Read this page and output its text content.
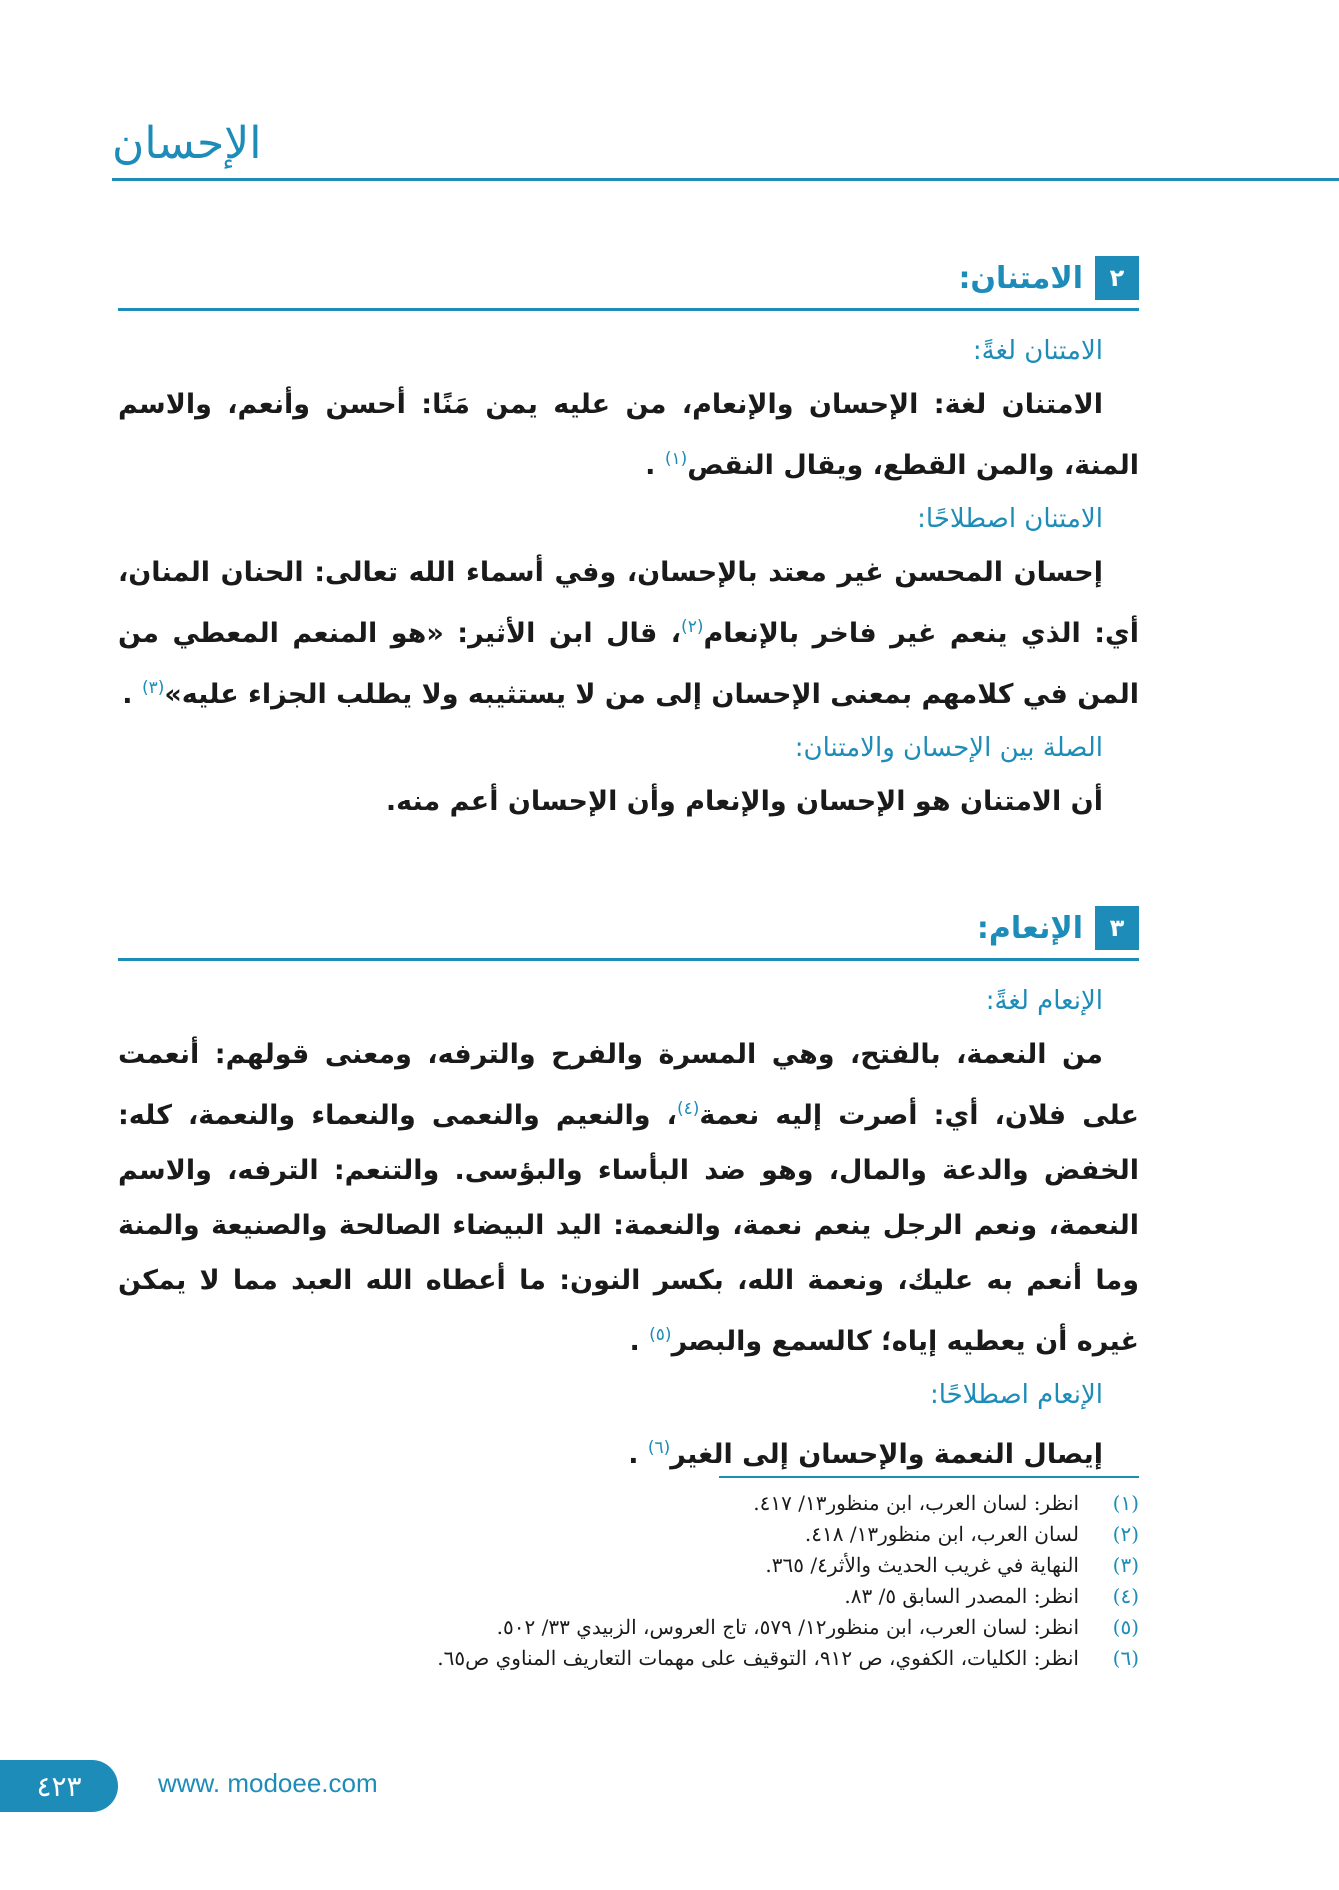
الإحسان
٢
الامتنان:
الامتنان لغةً:

الامتنان لغة: الإحسان والإنعام، من عليه يمن مَنًا: أحسن وأنعم، والاسم المنة، والمن القطع، ويقال النقص$^{(١)}$ .

الامتنان اصطلاحًا:

إحسان المحسن غير معتد بالإحسان، وفي أسماء الله تعالى: الحنان المنان، أي: الذي ينعم غير فاخر بالإنعام$^{(٢)}$، قال ابن الأثير: «هو المنعم المعطي من المن في كلامهم بمعنى الإحسان إلى من لا يستثيبه ولا يطلب الجزاء عليه»$^{(٣)}$ .

الصلة بين الإحسان والامتنان:

أن الامتنان هو الإحسان والإنعام وأن الإحسان أعم منه.

٣
الإنعام:
الإنعام لغةً:

من النعمة، بالفتح، وهي المسرة والفرح والترفه، ومعنى قولهم: أنعمت على فلان، أي: أصرت إليه نعمة$^{(٤)}$، والنعيم والنعمى والنعماء والنعمة، كله: الخفض والدعة والمال، وهو ضد البأساء والبؤسى. والتنعم: الترفه، والاسم النعمة، ونعم الرجل ينعم نعمة، والنعمة: اليد البيضاء الصالحة والصنيعة والمنة وما أنعم به عليك، ونعمة الله، بكسر النون: ما أعطاه الله العبد مما لا يمكن غيره أن يعطيه إياه؛ كالسمع والبصر$^{(٥)}$ .

الإنعام اصطلاحًا:

إيصال النعمة والإحسان إلى الغير$^{(٦)}$ .

(١)
انظر: لسان العرب، ابن منظور١٣/ ٤١٧.
(٢)
لسان العرب، ابن منظور١٣/ ٤١٨.
(٣)
النهاية في غريب الحديث والأثر٤/ ٣٦٥.
(٤)
انظر: المصدر السابق ٥/ ٨٣.
(٥)
انظر: لسان العرب، ابن منظور١٢/ ٥٧٩، تاج العروس، الزبيدي ٣٣/ ٥٠٢.
(٦)
انظر: الكليات، الكفوي، ص ٩١٢، التوقيف على مهمات التعاريف المناوي ص٦٥.
٤٢٣	www. modoee.com
